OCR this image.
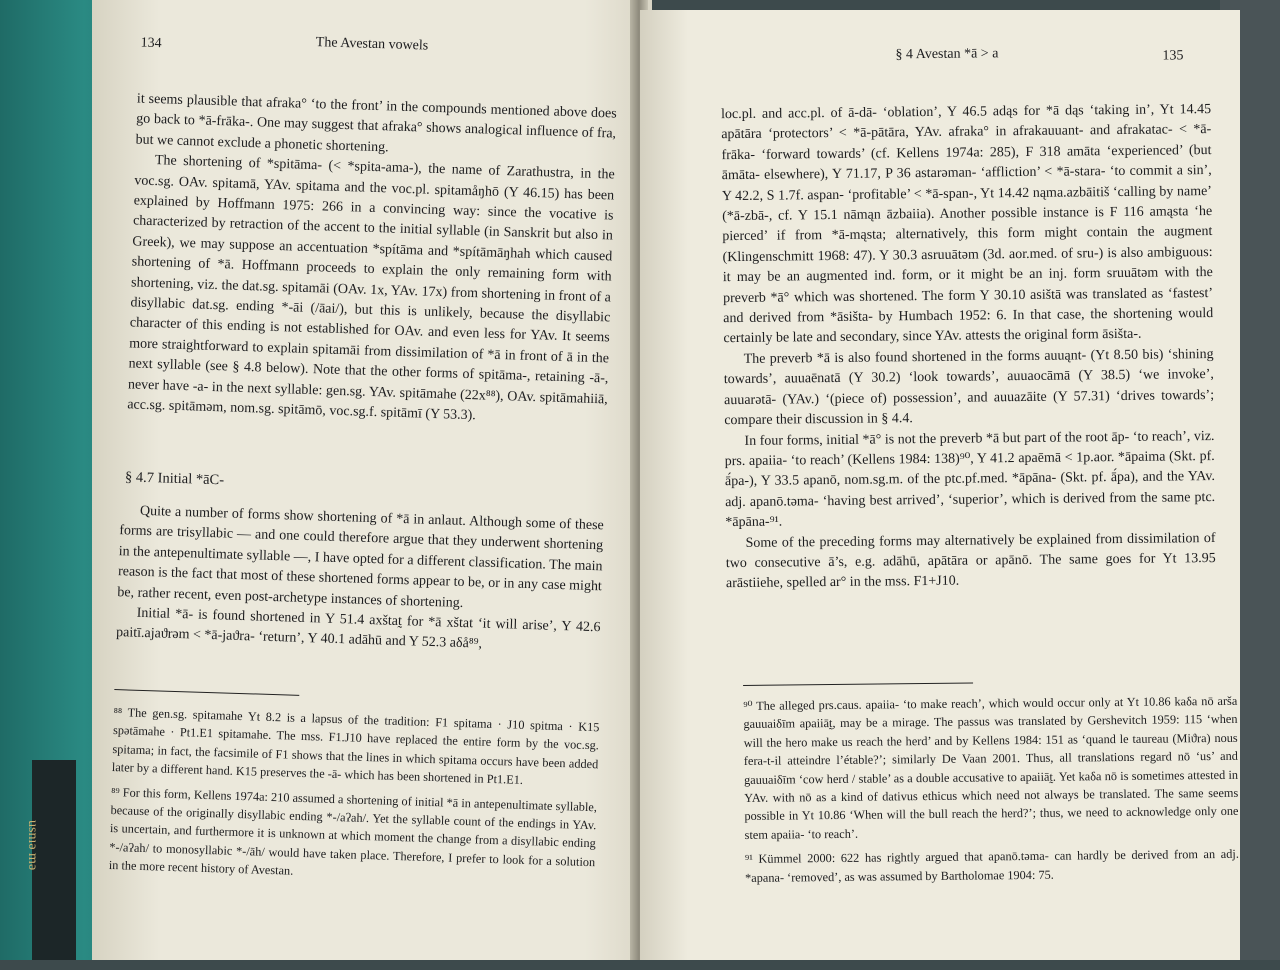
usnıə mə
134	The Avestan vowels

it seems plausible that afraka° ‘to the front’ in the compounds mentioned above does go back to *ā-frāka-. One may suggest that afraka° shows analogical influence of fra, but we cannot exclude a phonetic shortening.

The shortening of *spitāma- (< *spita-ama-), the name of Zarathustra, in the voc.sg. OAv. spitamā, YAv. spitama and the voc.pl. spitamåŋhō (Y 46.15) has been explained by Hoffmann 1975: 266 in a convincing way: since the vocative is characterized by retraction of the accent to the initial syllable (in Sanskrit but also in Greek), we may suppose an accentuation *spítāma and *spítāmāŋhah which caused shortening of *ā. Hoffmann proceeds to explain the only remaining form with shortening, viz. the dat.sg. spitamāi (OAv. 1x, YAv. 17x) from shortening in front of a disyllabic dat.sg. ending *-āi (/āai/), but this is unlikely, because the disyllabic character of this ending is not established for OAv. and even less for YAv. It seems more straightforward to explain spitamāi from dissimilation of *ā in front of ā in the next syllable (see § 4.8 below). Note that the other forms of spitāma-, retaining -ā-, never have -a- in the next syllable: gen.sg. YAv. spitāmahe (22x⁸⁸), OAv. spitāmahiiā, acc.sg. spitāməm, nom.sg. spitāmō, voc.sg.f. spitāmī (Y 53.3).

§ 4.7 Initial *āC-

Quite a number of forms show shortening of *ā in anlaut. Although some of these forms are trisyllabic — and one could therefore argue that they underwent shortening in the antepenultimate syllable —, I have opted for a different classification. The main reason is the fact that most of these shortened forms appear to be, or in any case might be, rather recent, even post-archetype instances of shortening.

Initial *ā- is found shortened in Y 51.4 axštat̰ for *ā xštat ‘it will arise’, Y 42.6 paitī.ajaϑrəm < *ā-jaϑra- ‘return’, Y 40.1 adāhū and Y 52.3 aδå⁸⁹,

⁸⁸ The gen.sg. spitamahe Yt 8.2 is a lapsus of the tradition: F1 spitama · J10 spitma · K15 spətāmahe · Pt1.E1 spitamahe. The mss. F1.J10 have replaced the entire form by the voc.sg. spitama; in fact, the facsimile of F1 shows that the lines in which spitama occurs have been added later by a different hand. K15 preserves the -ā- which has been shortened in Pt1.E1.

⁸⁹ For this form, Kellens 1974a: 210 assumed a shortening of initial *ā in antepenultimate syllable, because of the originally disyllabic ending *-/aʔah/. Yet the syllable count of the endings in YAv. is uncertain, and furthermore it is unknown at which moment the change from a disyllabic ending *-/aʔah/ to monosyllabic *-/āh/ would have taken place. Therefore, I prefer to look for a solution in the more recent history of Avestan.

§ 4 Avestan *ā > a	135

loc.pl. and acc.pl. of ā-dā- ‘oblation’, Y 46.5 adąs for *ā dąs ‘taking in’, Yt 14.45 apātāra ‘protectors’ < *ā-pātāra, YAv. afraka° in afrakauuant- and afrakatac- < *ā-frāka- ‘forward towards’ (cf. Kellens 1974a: 285), F 318 amāta ‘experienced’ (but āmāta- elsewhere), Y 71.17, P 36 astarəman- ‘affliction’ < *ā-stara- ‘to commit a sin’, Y 42.2, S 1.7f. aspan- ‘profitable’ < *ā-span-, Yt 14.42 nąma.azbāitiš ‘calling by name’ (*ā-zbā-, cf. Y 15.1 nāmąn āzbaiia). Another possible instance is F 116 amąsta ‘he pierced’ if from *ā-mąsta; alternatively, this form might contain the augment (Klingenschmitt 1968: 47). Y 30.3 asruuātəm (3d. aor.med. of sru-) is also ambiguous: it may be an augmented ind. form, or it might be an inj. form sruuātəm with the preverb *ā° which was shortened. The form Y 30.10 asištā was translated as ‘fastest’ and derived from *āsišta- by Humbach 1952: 6. In that case, the shortening would certainly be late and secondary, since YAv. attests the original form āsišta-.

The preverb *ā is also found shortened in the forms auuąnt- (Yt 8.50 bis) ‘shining towards’, auuaēnatā (Y 30.2) ‘look towards’, auuaocāmā (Y 38.5) ‘we invoke’, auuarətā- (YAv.) ‘(piece of) possession’, and auuazāite (Y 57.31) ‘drives towards’; compare their discussion in § 4.4.

In four forms, initial *ā° is not the preverb *ā but part of the root āp- ‘to reach’, viz. prs. apaiia- ‘to reach’ (Kellens 1984: 138)⁹⁰, Y 41.2 apaēmā < 1p.aor. *āpaima (Skt. pf. ā́pa-), Y 33.5 apanō, nom.sg.m. of the ptc.pf.med. *āpāna- (Skt. pf. ā́pa), and the YAv. adj. apanō.təma- ‘having best arrived’, ‘superior’, which is derived from the same ptc. *āpāna-⁹¹.

Some of the preceding forms may alternatively be explained from dissimilation of two consecutive ā’s, e.g. adāhū, apātāra or apānō. The same goes for Yt 13.95 arāstiiehe, spelled ar° in the mss. F1+J10.

⁹⁰ The alleged prs.caus. apaiia- ‘to make reach’, which would occur only at Yt 10.86 kaδa nō arša gauuaiδīm apaiiāt̰, may be a mirage. The passus was translated by Gershevitch 1959: 115 ‘when will the hero make us reach the herd’ and by Kellens 1984: 151 as ‘quand le taureau (Miϑra) nous fera-t-il atteindre l’étable?’; similarly De Vaan 2001. Thus, all translations regard nō ‘us’ and gauuaiδīm ‘cow herd / stable’ as a double accusative to apaiiāt̰. Yet kaδa nō is sometimes attested in YAv. with nō as a kind of dativus ethicus which need not always be translated. The same seems possible in Yt 10.86 ‘When will the bull reach the herd?’; thus, we need to acknowledge only one stem apaiia- ‘to reach’.

⁹¹ Kümmel 2000: 622 has rightly argued that apanō.təma- can hardly be derived from an adj. *apana- ‘removed’, as was assumed by Bartholomae 1904: 75.
